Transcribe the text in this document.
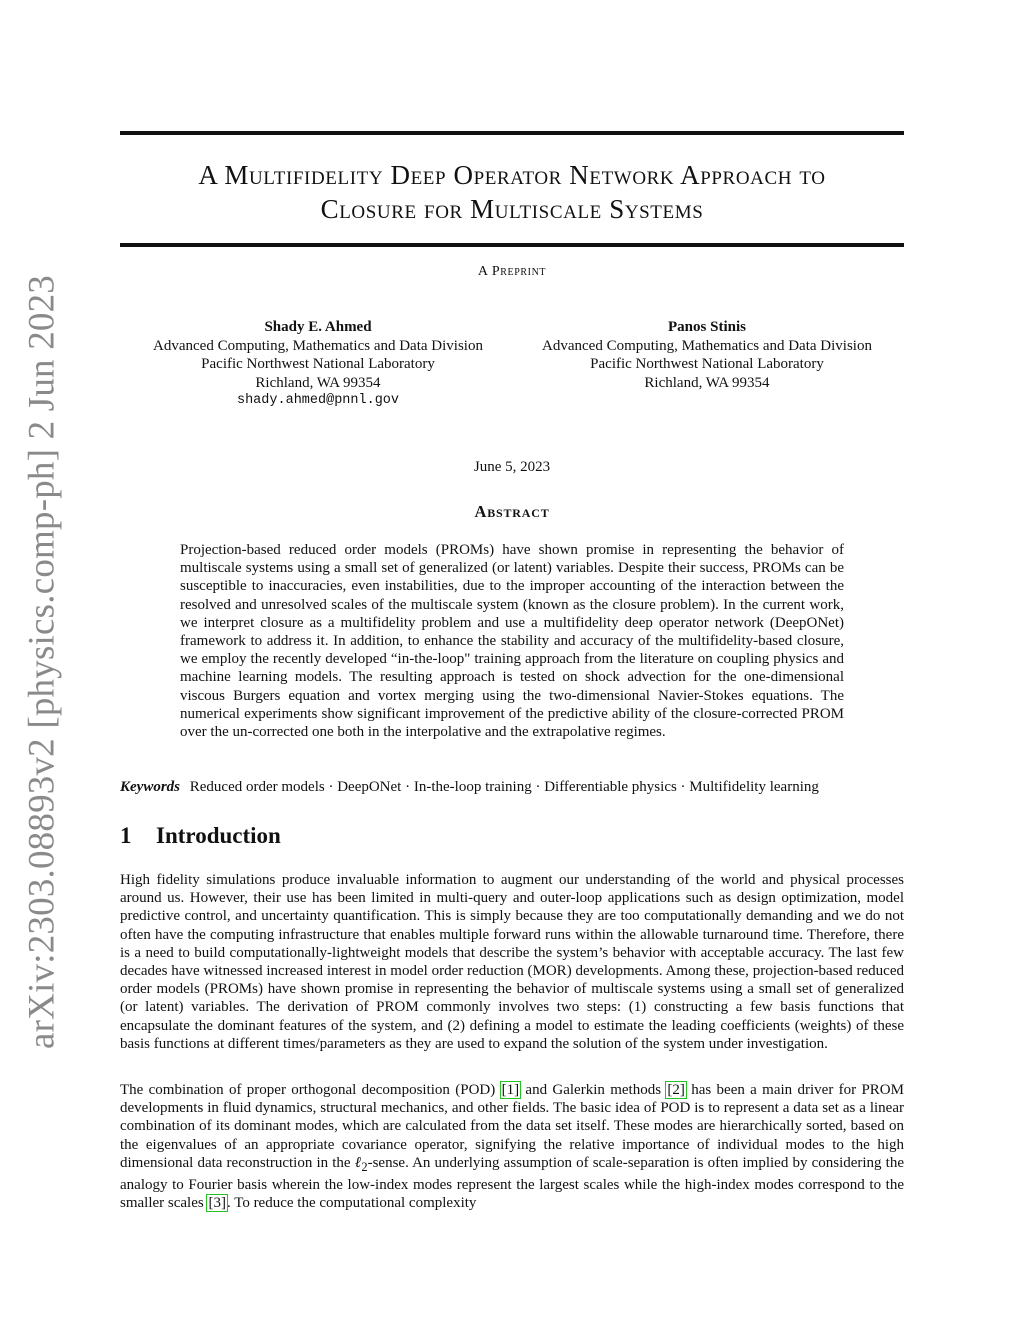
arXiv:2303.08893v2 [physics.comp-ph] 2 Jun 2023
A Multifidelity Deep Operator Network Approach to
Closure for Multiscale Systems
A Preprint
Shady E. Ahmed
Advanced Computing, Mathematics and Data Division
Pacific Northwest National Laboratory
Richland, WA 99354
shady.ahmed@pnnl.gov
Panos Stinis
Advanced Computing, Mathematics and Data Division
Pacific Northwest National Laboratory
Richland, WA 99354
June 5, 2023
Abstract

Projection-based reduced order models (PROMs) have shown promise in representing the behavior of multiscale systems using a small set of generalized (or latent) variables. Despite their success, PROMs can be susceptible to inaccuracies, even instabilities, due to the improper accounting of the interaction between the resolved and unresolved scales of the multiscale system (known as the closure problem). In the current work, we interpret closure as a multifidelity problem and use a multifidelity deep operator network (DeepONet) framework to address it. In addition, to enhance the stability and accuracy of the multifidelity-based closure, we employ the recently developed “in-the-loop" training approach from the literature on coupling physics and machine learning models. The resulting approach is tested on shock advection for the one-dimensional viscous Burgers equation and vortex merging using the two-dimensional Navier-Stokes equations. The numerical experiments show significant improvement of the predictive ability of the closure-corrected PROM over the un-corrected one both in the interpolative and the extrapolative regimes.

Keywords Reduced order models · DeepONet · In-the-loop training · Differentiable physics · Multifidelity learning
1 Introduction

High fidelity simulations produce invaluable information to augment our understanding of the world and physical processes around us. However, their use has been limited in multi-query and outer-loop applications such as design optimization, model predictive control, and uncertainty quantification. This is simply because they are too computationally demanding and we do not often have the computing infrastructure that enables multiple forward runs within the allowable turnaround time. Therefore, there is a need to build computationally-lightweight models that describe the system’s behavior with acceptable accuracy. The last few decades have witnessed increased interest in model order reduction (MOR) developments. Among these, projection-based reduced order models (PROMs) have shown promise in representing the behavior of multiscale systems using a small set of generalized (or latent) variables. The derivation of PROM commonly involves two steps: (1) constructing a few basis functions that encapsulate the dominant features of the system, and (2) defining a model to estimate the leading coefficients (weights) of these basis functions at different times/parameters as they are used to expand the solution of the system under investigation.

The combination of proper orthogonal decomposition (POD) [1] and Galerkin methods [2] has been a main driver for PROM developments in fluid dynamics, structural mechanics, and other fields. The basic idea of POD is to represent a data set as a linear combination of its dominant modes, which are calculated from the data set itself. These modes are hierarchically sorted, based on the eigenvalues of an appropriate covariance operator, signifying the relative importance of individual modes to the high dimensional data reconstruction in the ℓ$_2$-sense. An underlying assumption of scale-separation is often implied by considering the analogy to Fourier basis wherein the low-index modes represent the largest scales while the high-index modes correspond to the smaller scales [3]. To reduce the computational complexity
